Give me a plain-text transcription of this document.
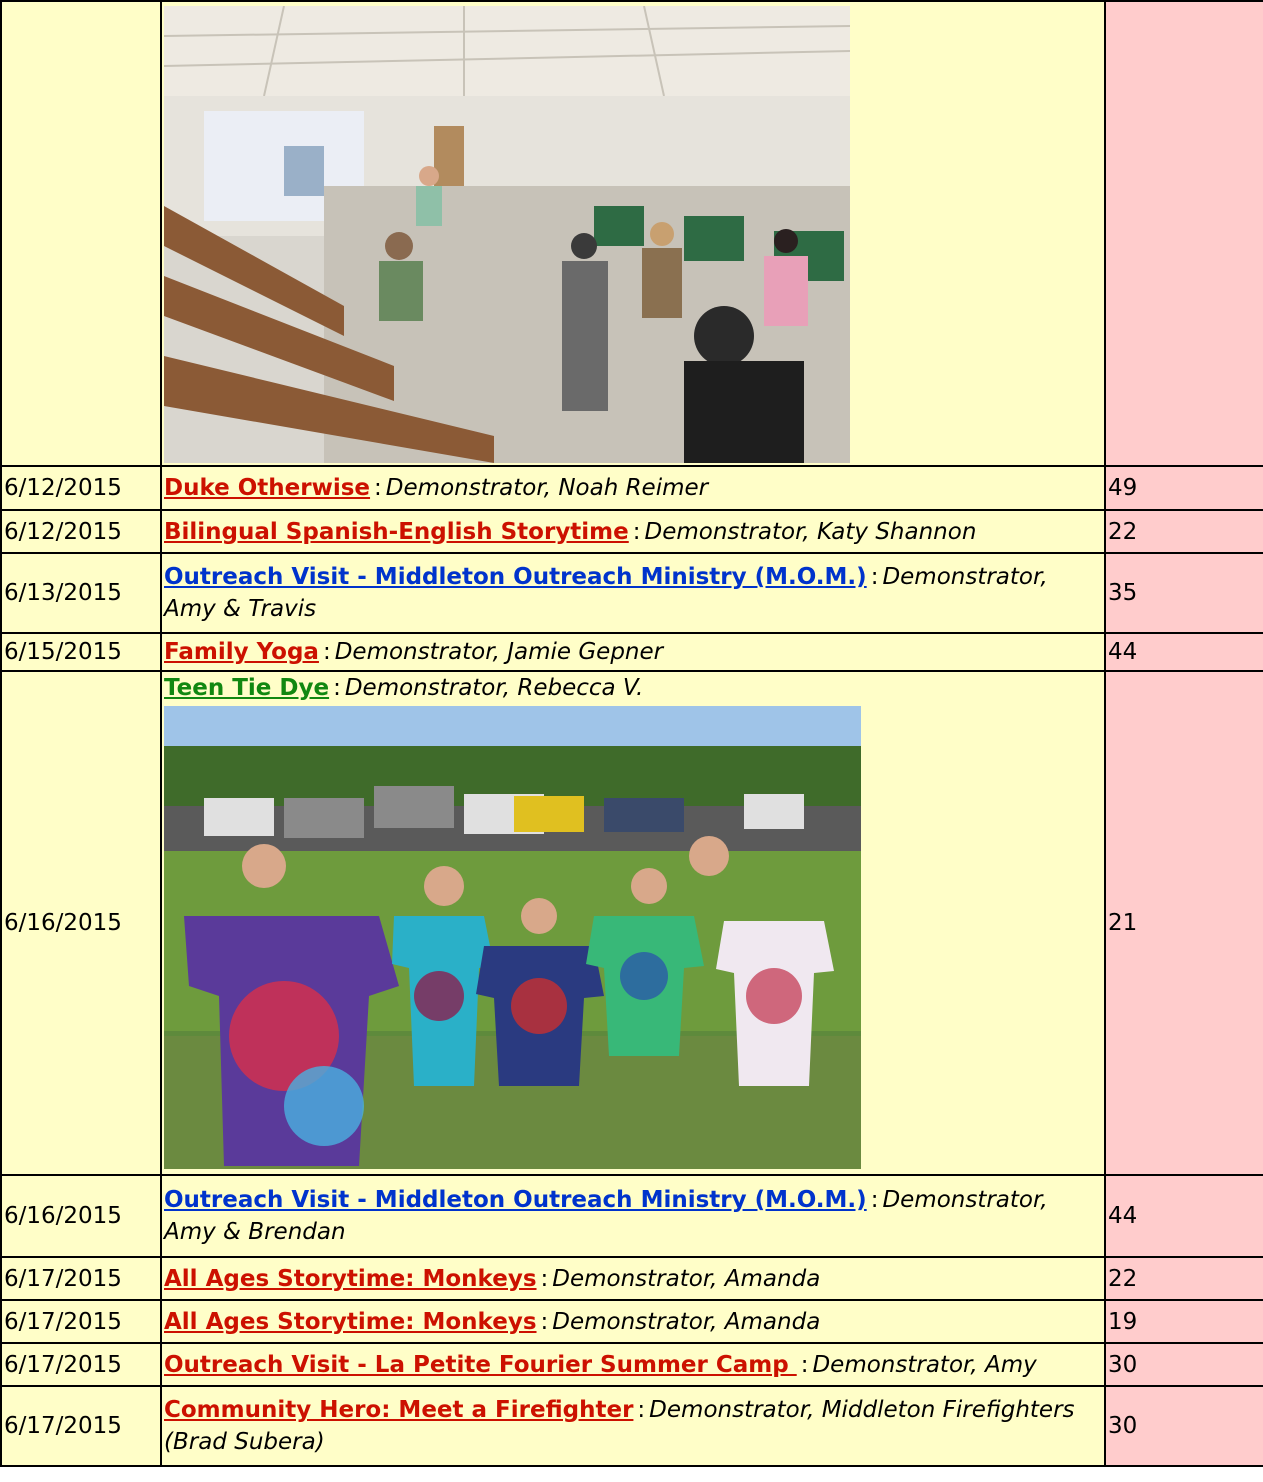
6/12/2015	Duke Otherwise : Demonstrator, Noah Reimer	49
6/12/2015	Bilingual Spanish-English Storytime : Demonstrator, Katy Shannon	22
6/13/2015	Outreach Visit - Middleton Outreach Ministry (M.O.M.) : Demonstrator, Amy & Travis	35
6/15/2015	Family Yoga : Demonstrator, Jamie Gepner	44
6/16/2015	Teen Tie Dye : Demonstrator, Rebecca V.	21
6/16/2015	Outreach Visit - Middleton Outreach Ministry (M.O.M.) : Demonstrator, Amy & Brendan	44
6/17/2015	All Ages Storytime: Monkeys : Demonstrator, Amanda	22
6/17/2015	All Ages Storytime: Monkeys : Demonstrator, Amanda	19
6/17/2015	Outreach Visit - La Petite Fourier Summer Camp : Demonstrator, Amy	30
6/17/2015	Community Hero: Meet a Firefighter : Demonstrator, Middleton Firefighters (Brad Subera)	30
